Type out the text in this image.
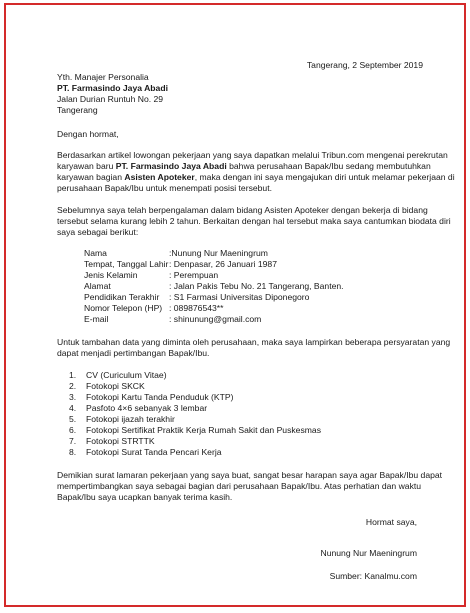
Tangerang, 2 September 2019
Yth. Manajer Personalia
PT. Farmasindo Jaya Abadi
Jalan Durian Runtuh No. 29
Tangerang
Dengan hormat,
Berdasarkan artikel lowongan pekerjaan yang saya dapatkan melalui Tribun.com mengenai perekrutan
karyawan baru PT. Farmasindo Jaya Abadi bahwa perusahaan Bapak/Ibu sedang membutuhkan
karyawan bagian Asisten Apoteker, maka dengan ini saya mengajukan diri untuk melamar pekerjaan di
perusahaan Bapak/Ibu untuk menempati posisi tersebut.
Sebelumnya saya telah berpengalaman dalam bidang Asisten Apoteker dengan bekerja di bidang
tersebut selama kurang lebih 2 tahun. Berkaitan dengan hal tersebut maka saya cantumkan biodata diri
saya sebagai berikut:
Nama	:Nunung Nur Maeningrum
Tempat, Tanggal Lahir : Denpasar, 26 Januari 1987
Jenis Kelamin	: Perempuan
Alamat	: Jalan Pakis Tebu No. 21 Tangerang, Banten.
Pendidikan Terakhir : S1 Farmasi Universitas Diponegoro
Nomor Telepon (HP) : 089876543**
E-mail	: shinunung@gmail.com
Untuk tambahan data yang diminta oleh perusahaan, maka saya lampirkan beberapa persyaratan yang
dapat menjadi pertimbangan Bapak/Ibu.
1. CV (Curiculum Vitae)
2. Fotokopi SKCK
3. Fotokopi Kartu Tanda Penduduk (KTP)
4. Pasfoto 4×6 sebanyak 3 lembar
5. Fotokopi ijazah terakhir
6. Fotokopi Sertifikat Praktik Kerja Rumah Sakit dan Puskesmas
7. Fotokopi STRTTK
8. Fotokopi Surat Tanda Pencari Kerja
Demikian surat lamaran pekerjaan yang saya buat, sangat besar harapan saya agar Bapak/Ibu dapat
mempertimbangkan saya sebagai bagian dari perusahaan Bapak/Ibu. Atas perhatian dan waktu
Bapak/Ibu saya ucapkan banyak terima kasih.
Hormat saya,
Nunung Nur Maeningrum
Sumber: Kanalmu.com
